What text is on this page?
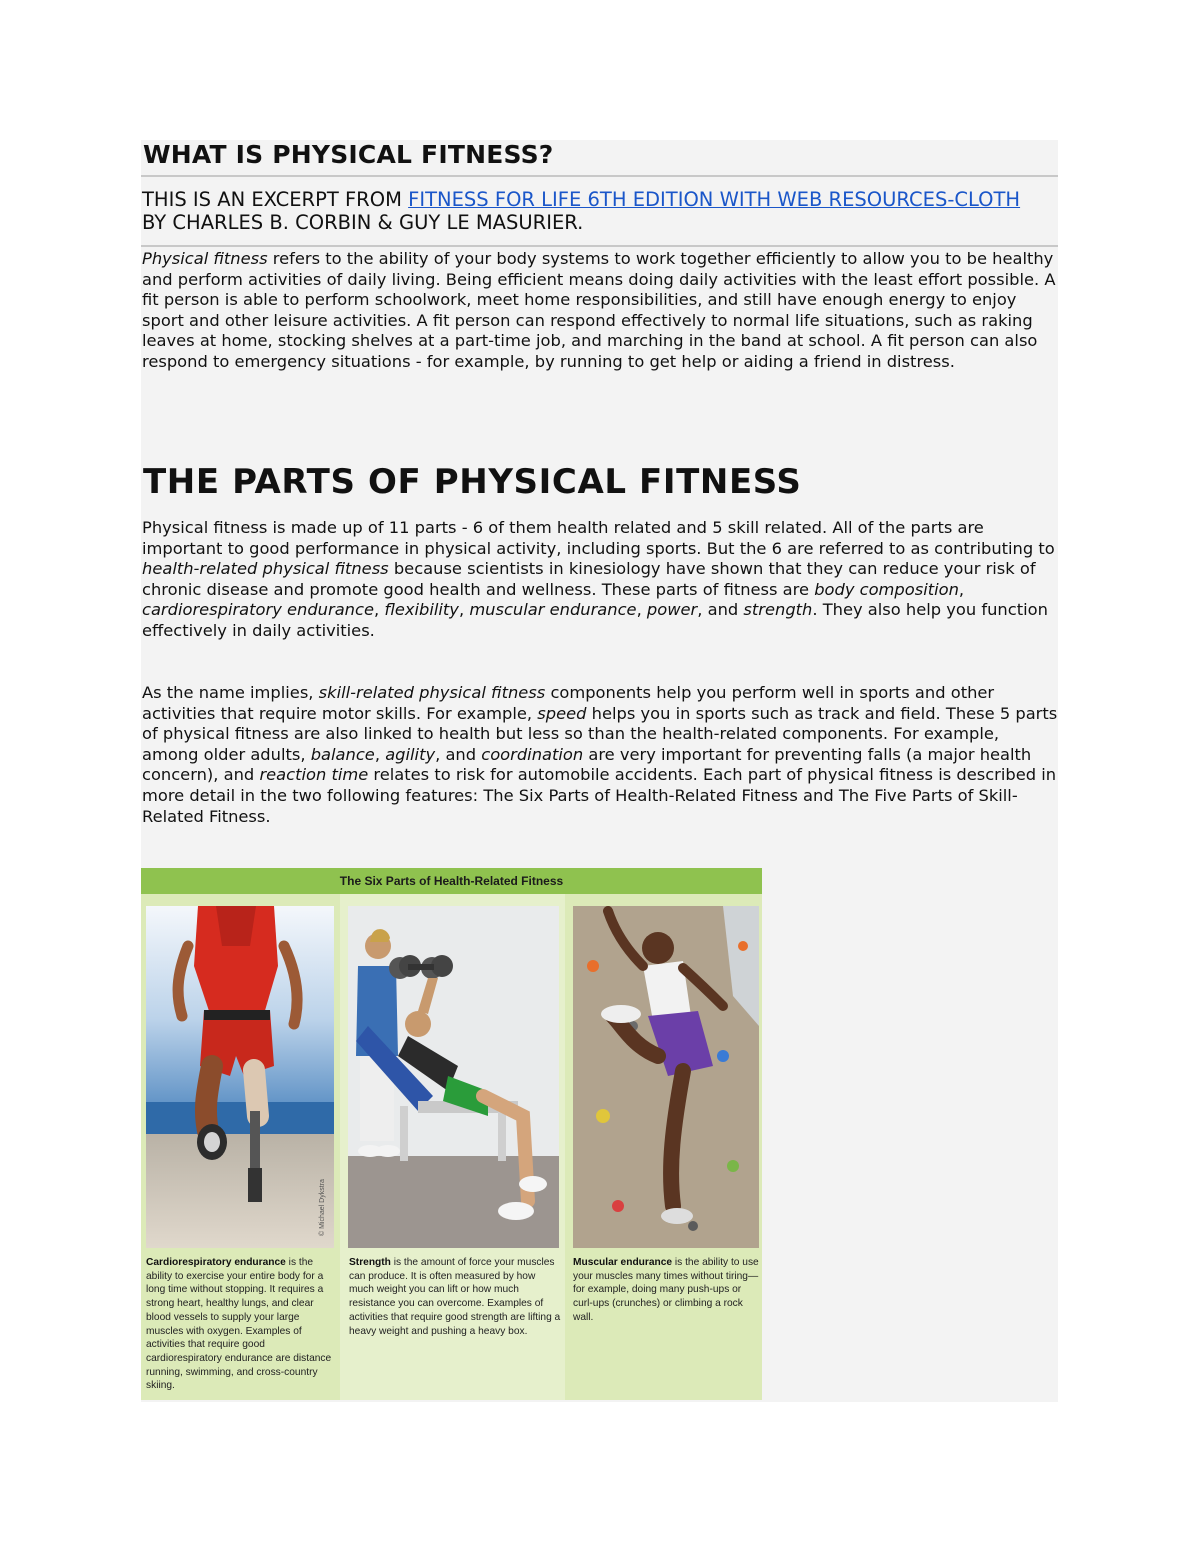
WHAT IS PHYSICAL FITNESS?
THIS IS AN EXCERPT FROM FITNESS FOR LIFE 6TH EDITION WITH WEB RESOURCES-CLOTH BY CHARLES B. CORBIN & GUY LE MASURIER.
Physical fitness refers to the ability of your body systems to work together efficiently to allow you to be healthy and perform activities of daily living. Being efficient means doing daily activities with the least effort possible. A fit person is able to perform schoolwork, meet home responsibilities, and still have enough energy to enjoy sport and other leisure activities. A fit person can respond effectively to normal life situations, such as raking leaves at home, stocking shelves at a part-time job, and marching in the band at school. A fit person can also respond to emergency situations - for example, by running to get help or aiding a friend in distress.
THE PARTS OF PHYSICAL FITNESS
Physical fitness is made up of 11 parts - 6 of them health related and 5 skill related. All of the parts are important to good performance in physical activity, including sports. But the 6 are referred to as contributing to health-related physical fitness because scientists in kinesiology have shown that they can reduce your risk of chronic disease and promote good health and wellness. These parts of fitness are body composition, cardiorespiratory endurance, flexibility, muscular endurance, power, and strength. They also help you function effectively in daily activities.
As the name implies, skill-related physical fitness components help you perform well in sports and other activities that require motor skills. For example, speed helps you in sports such as track and field. These 5 parts of physical fitness are also linked to health but less so than the health-related components. For example, among older adults, balance, agility, and coordination are very important for preventing falls (a major health concern), and reaction time relates to risk for automobile accidents. Each part of physical fitness is described in more detail in the two following features: The Six Parts of Health-Related Fitness and The Five Parts of Skill-Related Fitness.
The Six Parts of Health-Related Fitness
© Michael Dykstra
Cardiorespiratory endurance is the ability to exercise your entire body for a long time without stopping. It requires a strong heart, healthy lungs, and clear blood vessels to supply your large muscles with oxygen. Examples of activities that require good cardiorespiratory endurance are distance running, swimming, and cross-country skiing.
Strength is the amount of force your muscles can produce. It is often measured by how much weight you can lift or how much resistance you can overcome. Examples of activities that require good strength are lifting a heavy weight and pushing a heavy box.
Muscular endurance is the ability to use your muscles many times without tiring—for example, doing many push-ups or curl-ups (crunches) or climbing a rock wall.
